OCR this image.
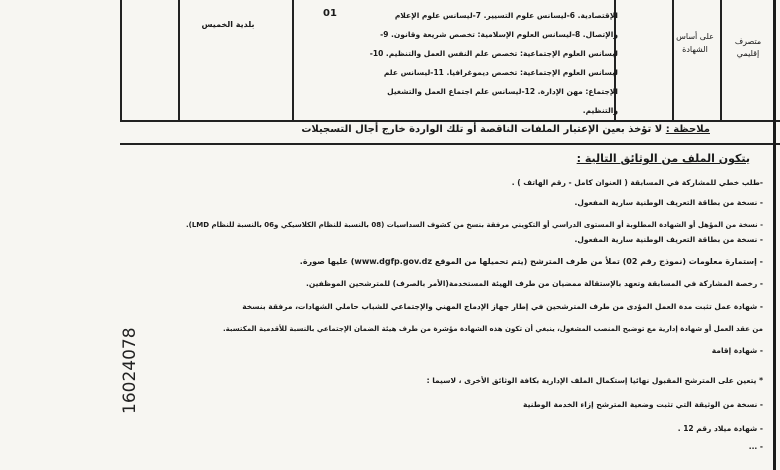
متصرف إقليمي
على أساس الشهادة
الإقتصادية. 6-ليسانس علوم التسيير. 7-ليسانس علوم الإعلام والإتصال. 8-ليسانس العلوم الإسلامية: تخصص شريعة وقانون. 9-ليسانس العلوم الإجتماعية: تخصص علم النفس العمل والتنظيم. 10-ليسانس العلوم الإجتماعية: تخصص ديموغرافيا. 11-ليسانس علم الإجتماع: مهن الإدارة. 12-ليسانس علم اجتماع العمل والتشغيل والتنظيم.
01
بلدية الخميس
ملاحظة : لا تؤخذ بعين الإعتبار الملفات الناقصة أو تلك الواردة خارج أجال التسجيلات
يتكون الملف من الوثائق التالية :
-طلب خطي للمشاركة في المسابقة ( العنوان كامل - رقم الهاتف ) .
- نسخة من بطاقة التعريف الوطنية سارية المفعول.
- نسخة من المؤهل أو الشهادة المطلوبة أو المستوى الدراسي أو التكويني مرفقة بنسخ من كشوف السداسيات (08 بالنسبة للنظام الكلاسيكي و06 بالنسبة للنظام LMD).
- نسخة من بطاقة التعريف الوطنية سارية المفعول.
- إستمارة معلومات (نموذج رقم 02) تملأ من طرف المترشح (يتم تحميلها من الموقع www.dgfp.gov.dz) عليها صورة.
- رخصة المشاركة في المسابقة وتعهد بالإستقالة ممضيان من طرف الهيئة المستخدمة(الأمر بالصرف) للمترشحين الموظفين.
- شهادة عمل تثبت مدة العمل المؤدى من طرف المترشحين في إطار جهاز الإدماج المهني والإجتماعي للشباب حاملي الشهادات، مرفقة بنسخة
من عقد العمل أو شهادة إدارية مع توضيح المنصب المشغول، ينبغي أن تكون هذه الشهادة مؤشرة من طرف هيئة الضمان الإجتماعي بالنسبة للأقدمية المكتسبة.
- شهادة إقامة
* يتعين على المترشح المقبول نهائيا إستكمال الملف الإدارية بكافة الوثائق الأخرى ، لاسيما :
- نسخة من الوثيقة التي تثبت وضعية المترشح إزاء الخدمة الوطنية
- شهادة ميلاد رقم 12 .
- ...
16024078
